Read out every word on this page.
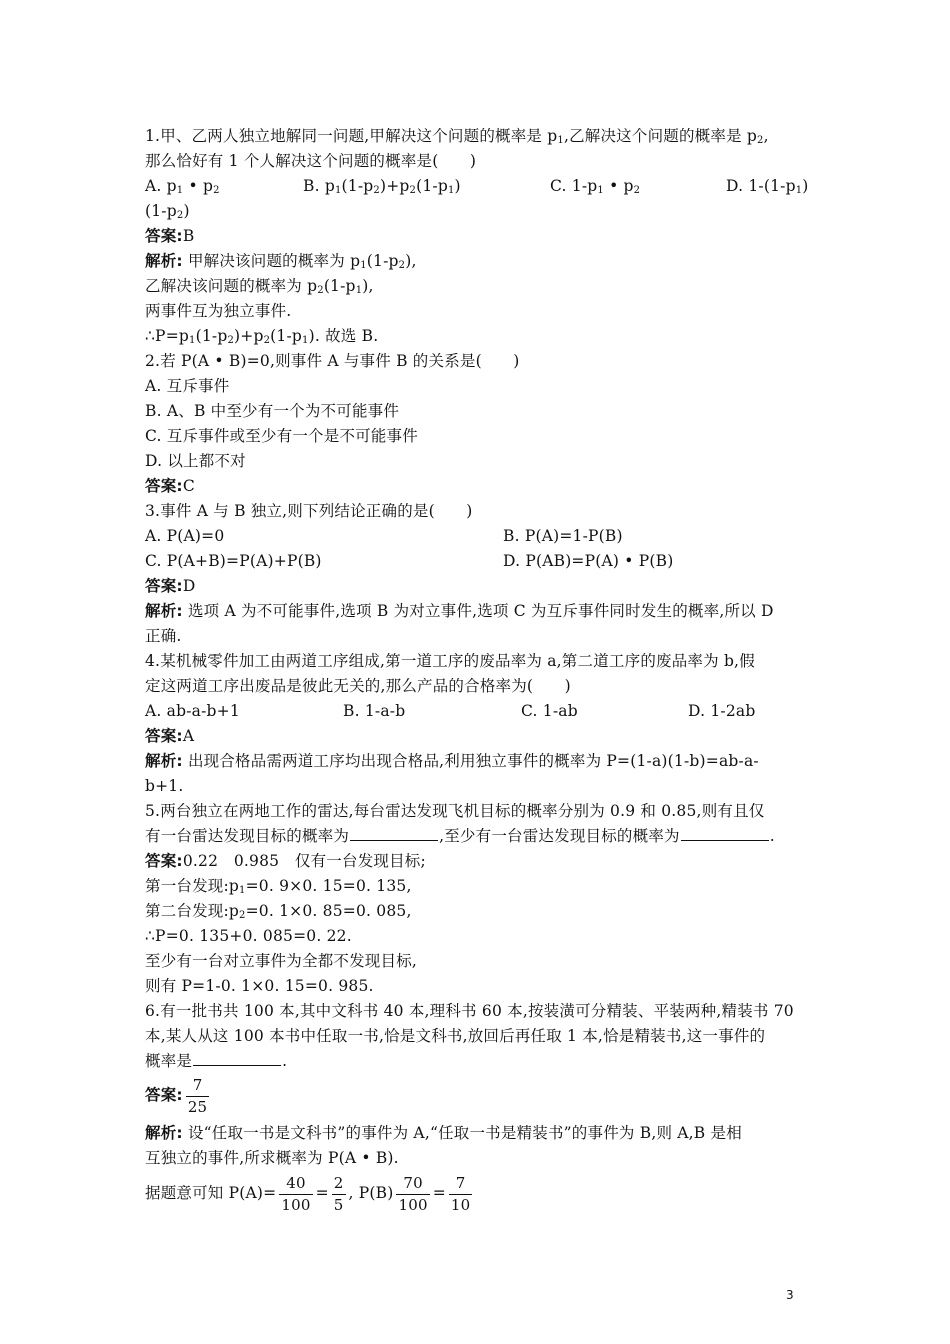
1.甲、乙两人独立地解同一问题,甲解决这个问题的概率是 $p_1$,乙解决这个问题的概率是 $p_2$,
那么恰好有 1 个人解决这个问题的概率是(　　)
A. $p_1$ • $p_2$	B. $p_1(1-p_2)+p_2(1-p_1)$	C. $1-p_1$ • $p_2$	D. $1-(1-p_1)$
$(1-p_2)$
答案:B
解析: 甲解决该问题的概率为 $p_1(1-p_2)$,
乙解决该问题的概率为 $p_2(1-p_1)$,
两事件互为独立事件.
$\therefore P=p_1(1-p_2)+p_2(1-p_1)$. 故选 B.
2.若 P(A • B)=0,则事件 A 与事件 B 的关系是(　　)
A. 互斥事件
B. A、B 中至少有一个为不可能事件
C. 互斥事件或至少有一个是不可能事件
D. 以上都不对
答案:C
3.事件 A 与 B 独立,则下列结论正确的是(　　)
A. P(A)=0	B. P(A)=1-P(B)
C. P(A+B)=P(A)+P(B)	D. P(AB)=P(A) • P(B)
答案:D
解析: 选项 A 为不可能事件,选项 B 为对立事件,选项 C 为互斥事件同时发生的概率,所以 D
正确.
4.某机械零件加工由两道工序组成,第一道工序的废品率为 a,第二道工序的废品率为 b,假
定这两道工序出废品是彼此无关的,那么产品的合格率为(　　)
A. ab-a-b+1	B. 1-a-b	C. 1-ab	D. 1-2ab
答案:A
解析: 出现合格品需两道工序均出现合格品,利用独立事件的概率为 P=(1-a)(1-b)=ab-a-
b+1.
5.两台独立在两地工作的雷达,每台雷达发现飞机目标的概率分别为 0.9 和 0.85,则有且仅
有一台雷达发现目标的概率为	,至少有一台雷达发现目标的概率为	.
答案:0.22　0.985　仅有一台发现目标;
第一台发现$:p_1=0$. 9×0. 15=0. 135,
第二台发现$:p_2=0$. 1×0. 85=0. 085,
∴P=0. 135+0. 085=0. 22.
至少有一台对立事件为全都不发现目标,
则有 P=1-0. 1×0. 15=0. 985.
6.有一批书共 100 本,其中文科书 40 本,理科书 60 本,按装潢可分精装、平装两种,精装书 70
本,某人从这 100 本书中任取一书,恰是文科书,放回后再任取 1 本,恰是精装书,这一事件的
概率是	.
答案: $\frac{7}{25}$
解析: 设“任取一书是文科书”的事件为 A,“任取一书是精装书”的事件为 B,则 A,B 是相
互独立的事件,所求概率为 P(A • B).
据题意可知 $P(A)= \frac{40}{100} = \frac{2}{5}$ , $P(B) \frac{70}{100} = \frac{7}{10}$
3
